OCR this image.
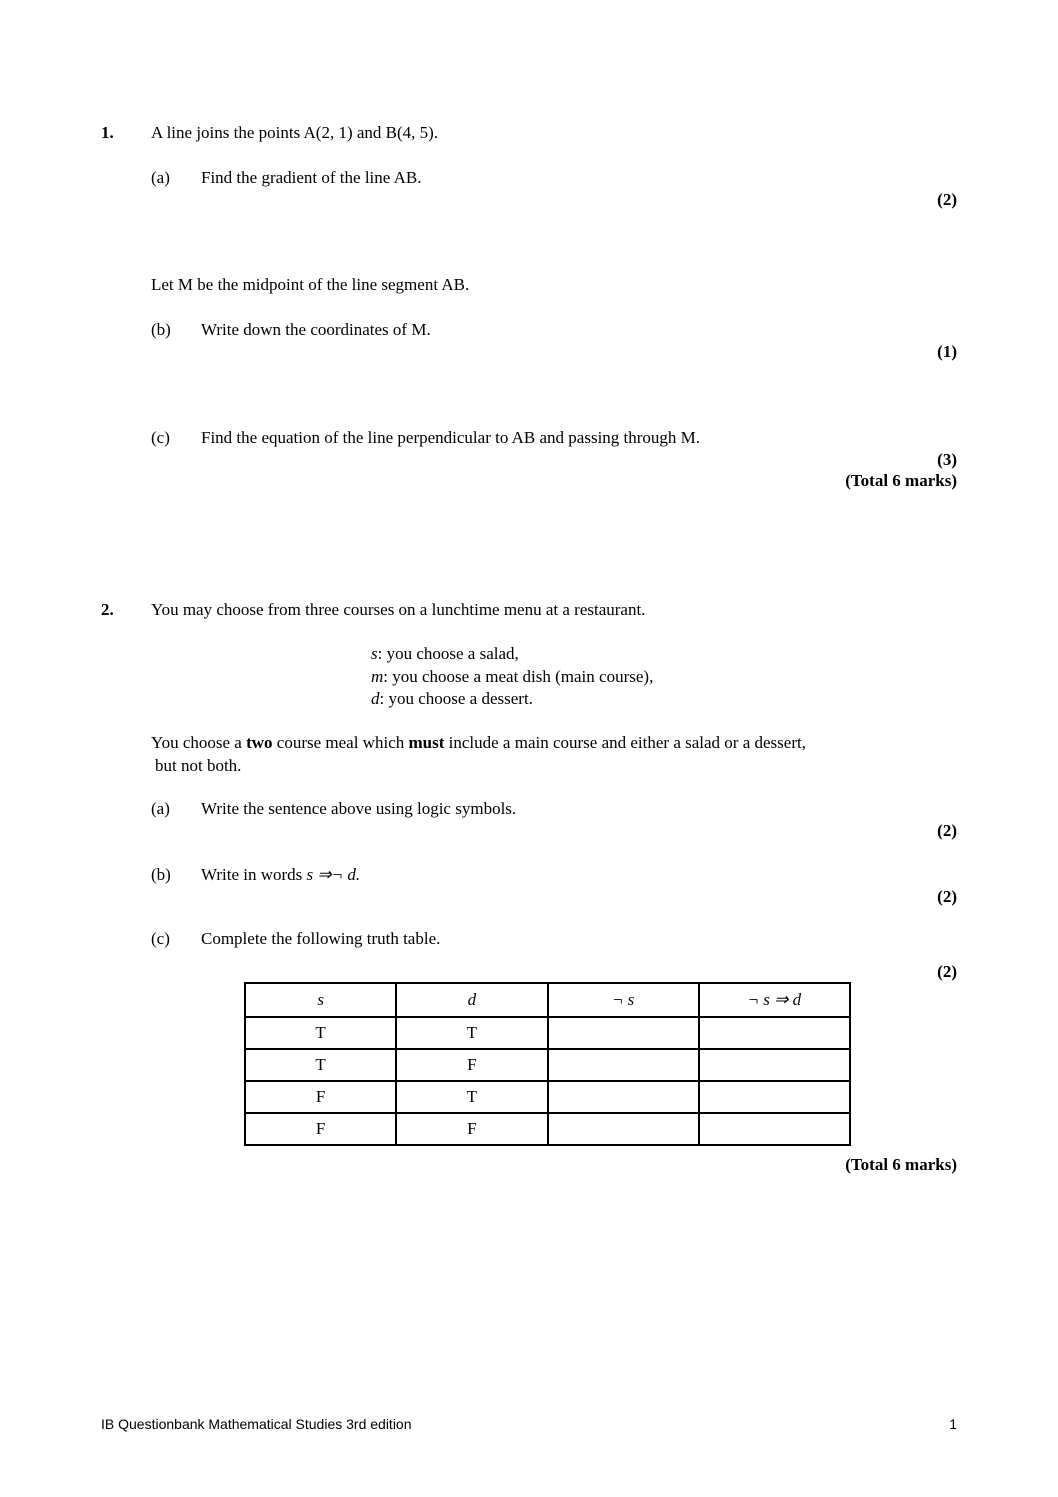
1. A line joins the points A(2, 1) and B(4, 5).
(a) Find the gradient of the line AB.
(2)
Let M be the midpoint of the line segment AB.
(b) Write down the coordinates of M.
(1)
(c) Find the equation of the line perpendicular to AB and passing through M.
(3)
(Total 6 marks)
2. You may choose from three courses on a lunchtime menu at a restaurant.
s: you choose a salad,
m: you choose a meat dish (main course),
d: you choose a dessert.
You choose a two course meal which must include a main course and either a salad or a dessert,
but not both.
(a) Write the sentence above using logic symbols.
(2)
(b) Write in words s ⇒¬ d.
(2)
(c) Complete the following truth table.
(2)
s	d	¬ s	¬ s ⇒ d
T	T		
T	F		
F	T		
F	F		
(Total 6 marks)
IB Questionbank Mathematical Studies 3rd edition	1
